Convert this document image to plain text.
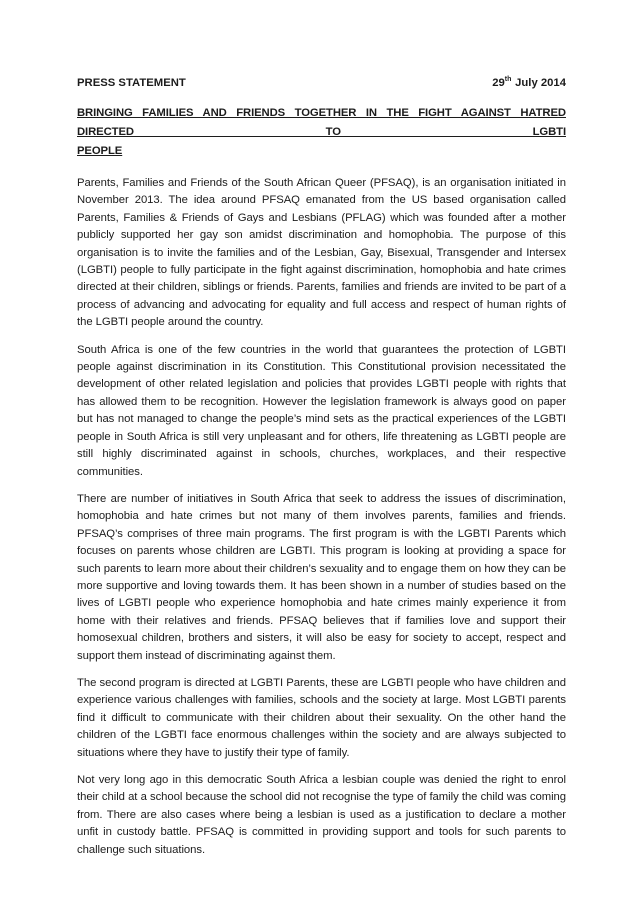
PRESS STATEMENT	29th July 2014
BRINGING FAMILIES AND FRIENDS TOGETHER IN THE FIGHT AGAINST HATRED DIRECTED TO LGBTI
PEOPLE

Parents, Families and Friends of the South African Queer (PFSAQ), is an organisation initiated in November 2013. The idea around PFSAQ emanated from the US based organisation called Parents, Families & Friends of Gays and Lesbians (PFLAG) which was founded after a mother publicly supported her gay son amidst discrimination and homophobia. The purpose of this organisation is to invite the families and of the Lesbian, Gay, Bisexual, Transgender and Intersex (LGBTI) people to fully participate in the fight against discrimination, homophobia and hate crimes directed at their children, siblings or friends. Parents, families and friends are invited to be part of a process of advancing and advocating for equality and full access and respect of human rights of the LGBTI people around the country.

South Africa is one of the few countries in the world that guarantees the protection of LGBTI people against discrimination in its Constitution. This Constitutional provision necessitated the development of other related legislation and policies that provides LGBTI people with rights that has allowed them to be recognition. However the legislation framework is always good on paper but has not managed to change the people’s mind sets as the practical experiences of the LGBTI people in South Africa is still very unpleasant and for others, life threatening as LGBTI people are still highly discriminated against in schools, churches, workplaces, and their respective communities.

There are number of initiatives in South Africa that seek to address the issues of discrimination, homophobia and hate crimes but not many of them involves parents, families and friends. PFSAQ’s comprises of three main programs. The first program is with the LGBTI Parents which focuses on parents whose children are LGBTI. This program is looking at providing a space for such parents to learn more about their children’s sexuality and to engage them on how they can be more supportive and loving towards them. It has been shown in a number of studies based on the lives of LGBTI people who experience homophobia and hate crimes mainly experience it from home with their relatives and friends. PFSAQ believes that if families love and support their homosexual children, brothers and sisters, it will also be easy for society to accept, respect and support them instead of discriminating against them.

The second program is directed at LGBTI Parents, these are LGBTI people who have children and experience various challenges with families, schools and the society at large. Most LGBTI parents find it difficult to communicate with their children about their sexuality. On the other hand the children of the LGBTI face enormous challenges within the society and are always subjected to situations where they have to justify their type of family.

Not very long ago in this democratic South Africa a lesbian couple was denied the right to enrol their child at a school because the school did not recognise the type of family the child was coming from. There are also cases where being a lesbian is used as a justification to declare a mother unfit in custody battle. PFSAQ is committed in providing support and tools for such parents to challenge such situations.
